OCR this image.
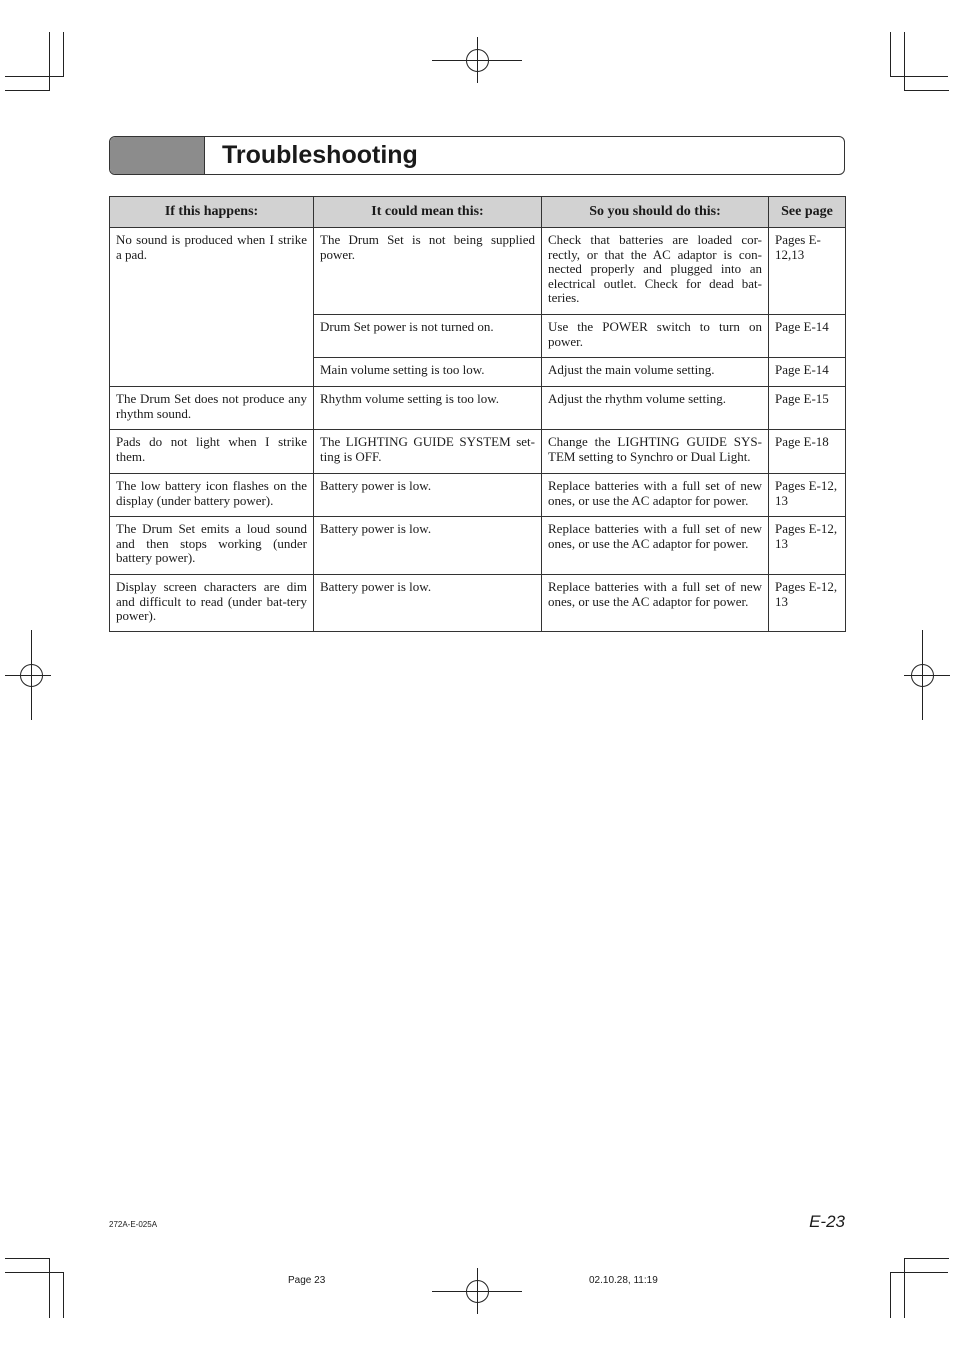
Troubleshooting
If this happens:	It could mean this:	So you should do this:	See page
No sound is produced when I strike a pad.	The Drum Set is not being supplied power.	Check that batteries are loaded cor-rectly, or that the AC adaptor is con-nected properly and plugged into an electrical outlet. Check for dead bat-teries.	Pages E-12,13
	Drum Set power is not turned on.	Use the POWER switch to turn on power.	Page E-14
	Main volume setting is too low.	Adjust the main volume setting.	Page E-14
The Drum Set does not produce any rhythm sound.	Rhythm volume setting is too low.	Adjust the rhythm volume setting.	Page E-15
Pads do not light when I strike them.	The LIGHTING GUIDE SYSTEM set-ting is OFF.	Change the LIGHTING GUIDE SYS-TEM setting to Synchro or Dual Light.	Page E-18
The low battery icon flashes on the display (under battery power).	Battery power is low.	Replace batteries with a full set of new ones, or use the AC adaptor for power.	Pages E-12, 13
The Drum Set emits a loud sound and then stops working (under battery power).	Battery power is low.	Replace batteries with a full set of new ones, or use the AC adaptor for power.	Pages E-12, 13
Display screen characters are dim and difficult to read (under bat-tery power).	Battery power is low.	Replace batteries with a full set of new ones, or use the AC adaptor for power.	Pages E-12, 13
272A-E-025A	E-23
Page 23	02.10.28, 11:19
